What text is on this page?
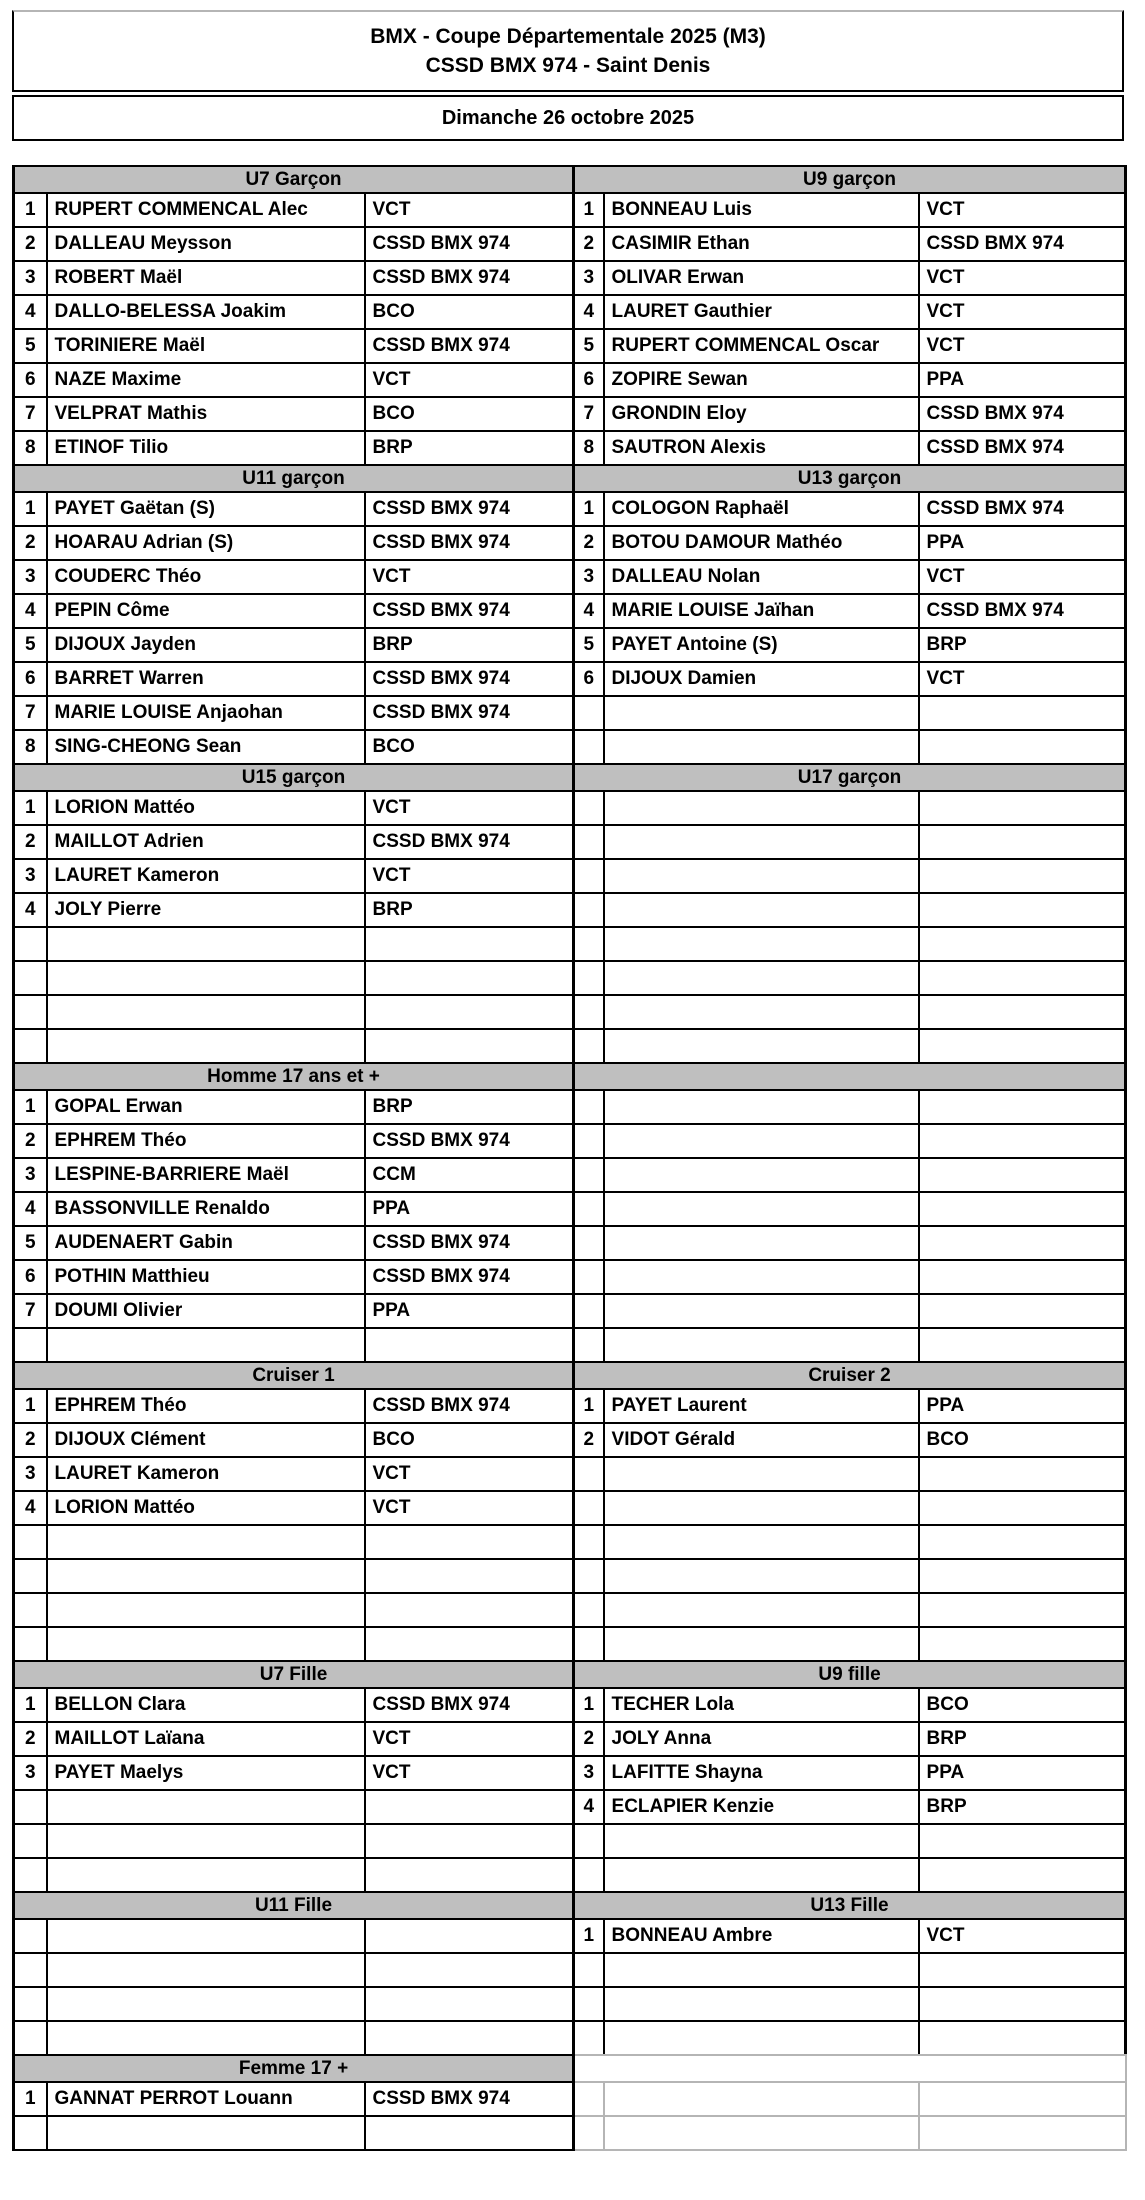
BMX - Coupe Départementale 2025 (M3)
CSSD BMX 974 - Saint Denis
Dimanche 26 octobre 2025
U7 Garçon			U9 garçon		
1	RUPERT COMMENCAL Alec	VCT	1	BONNEAU Luis	VCT
2	DALLEAU Meysson	CSSD BMX 974	2	CASIMIR Ethan	CSSD BMX 974
3	ROBERT Maël	CSSD BMX 974	3	OLIVAR Erwan	VCT
4	DALLO-BELESSA Joakim	BCO	4	LAURET Gauthier	VCT
5	TORINIERE Maël	CSSD BMX 974	5	RUPERT COMMENCAL Oscar	VCT
6	NAZE Maxime	VCT	6	ZOPIRE Sewan	PPA
7	VELPRAT Mathis	BCO	7	GRONDIN Eloy	CSSD BMX 974
8	ETINOF Tilio	BRP	8	SAUTRON Alexis	CSSD BMX 974
U11 garçon			U13 garçon		
1	PAYET Gaëtan (S)	CSSD BMX 974	1	COLOGON Raphaël	CSSD BMX 974
2	HOARAU Adrian (S)	CSSD BMX 974	2	BOTOU DAMOUR Mathéo	PPA
3	COUDERC Théo	VCT	3	DALLEAU Nolan	VCT
4	PEPIN Côme	CSSD BMX 974	4	MARIE LOUISE Jaïhan	CSSD BMX 974
5	DIJOUX Jayden	BRP	5	PAYET Antoine (S)	BRP
6	BARRET Warren	CSSD BMX 974	6	DIJOUX Damien	VCT
7	MARIE LOUISE Anjaohan	CSSD BMX 974			
8	SING-CHEONG Sean	BCO			
U15 garçon			U17 garçon		
1	LORION Mattéo	VCT			
2	MAILLOT Adrien	CSSD BMX 974			
3	LAURET Kameron	VCT			
4	JOLY Pierre	BRP			

Homme 17 ans et +					
1	GOPAL Erwan	BRP			
2	EPHREM Théo	CSSD BMX 974			
3	LESPINE-BARRIERE Maël	CCM			
4	BASSONVILLE Renaldo	PPA			
5	AUDENAERT Gabin	CSSD BMX 974			
6	POTHIN Matthieu	CSSD BMX 974			
7	DOUMI Olivier	PPA			

Cruiser 1			Cruiser 2		
1	EPHREM Théo	CSSD BMX 974	1	PAYET Laurent	PPA
2	DIJOUX Clément	BCO	2	VIDOT Gérald	BCO
3	LAURET Kameron	VCT			
4	LORION Mattéo	VCT			

U7 Fille			U9 fille		
1	BELLON Clara	CSSD BMX 974	1	TECHER Lola	BCO
2	MAILLOT Laïana	VCT	2	JOLY Anna	BRP
3	PAYET Maelys	VCT	3	LAFITTE Shayna	PPA
			4	ECLAPIER Kenzie	BRP

U11 Fille			U13 Fille		
			1	BONNEAU Ambre	VCT

Femme 17 +					
1	GANNAT PERROT Louann	CSSD BMX 974			
